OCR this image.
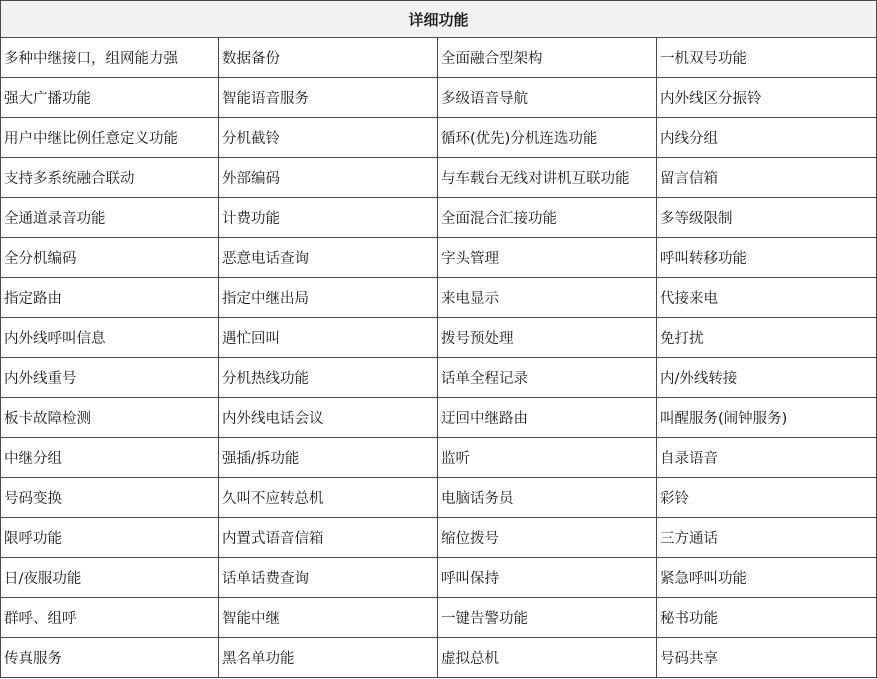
详细功能			
多种中继接口，组网能力强	数据备份	全面融合型架构	一机双号功能
强大广播功能	智能语音服务	多级语音导航	内外线区分振铃
用户中继比例任意定义功能	分机截铃	循环(优先)分机连选功能	内线分组
支持多系统融合联动	外部编码	与车载台无线对讲机互联功能	留言信箱
全通道录音功能	计费功能	全面混合汇接功能	多等级限制
全分机编码	恶意电话查询	字头管理	呼叫转移功能
指定路由	指定中继出局	来电显示	代接来电
内外线呼叫信息	遇忙回叫	拨号预处理	免打扰
内外线重号	分机热线功能	话单全程记录	内/外线转接
板卡故障检测	内外线电话会议	迂回中继路由	叫醒服务(闹钟服务)
中继分组	强插/拆功能	监听	自录语音
号码变换	久叫不应转总机	电脑话务员	彩铃
限呼功能	内置式语音信箱	缩位拨号	三方通话
日/夜服功能	话单话费查询	呼叫保持	紧急呼叫功能
群呼、组呼	智能中继	一键告警功能	秘书功能
传真服务	黑名单功能	虚拟总机	号码共享
